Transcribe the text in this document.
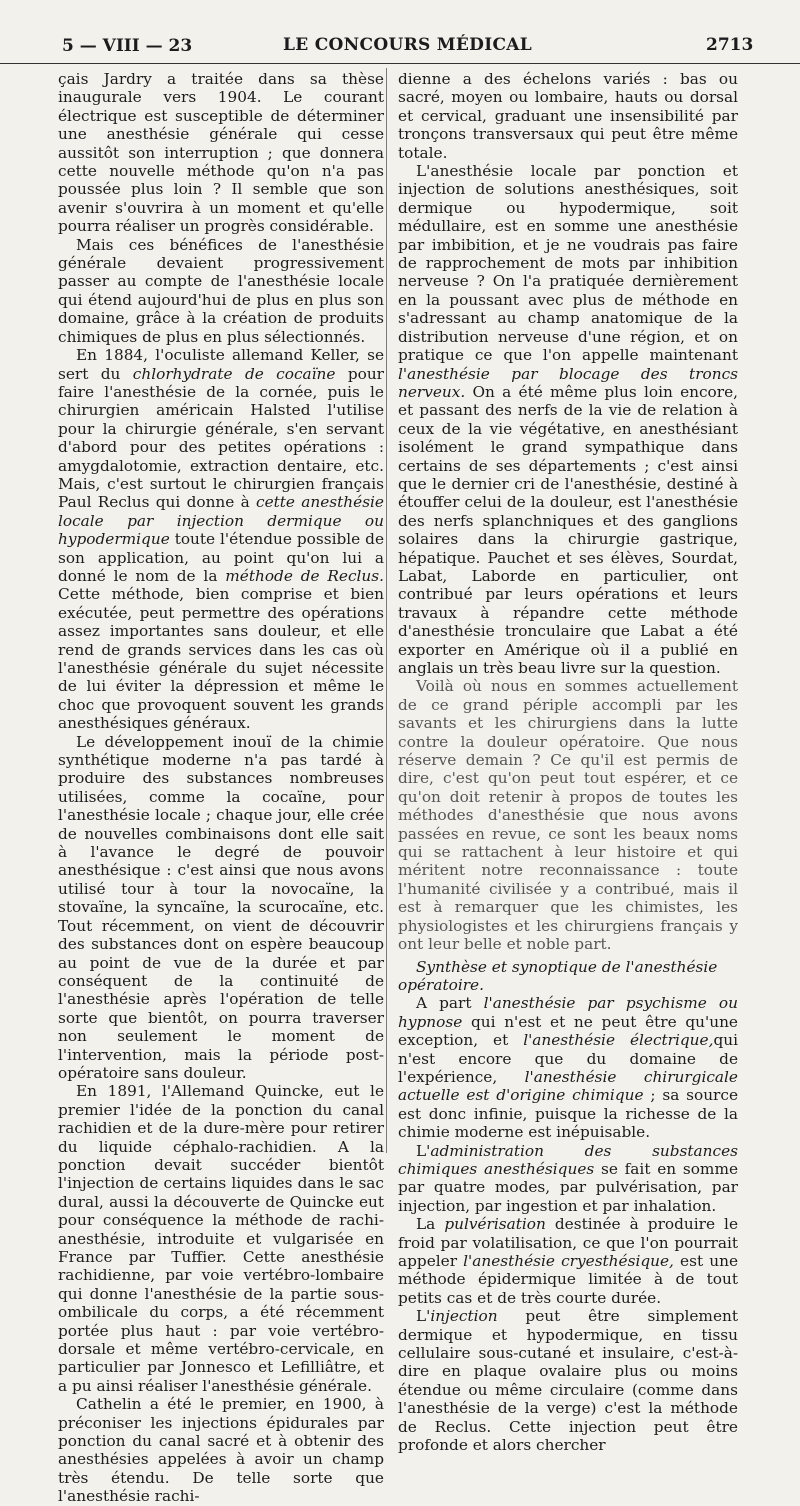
5 — VIII — 23	LE CONCOURS MÉDICAL	2713

çais Jardry a traitée dans sa thèse inaugurale vers 1904. Le courant électrique est susceptible de déterminer une anesthésie générale qui cesse aussitôt son interruption ; que donnera cette nouvelle méthode qu'on n'a pas poussée plus loin ? Il semble que son avenir s'ouvrira à un moment et qu'elle pourra réaliser un progrès considérable.

Mais ces bénéfices de l'anesthésie générale devaient progressivement passer au compte de l'anesthésie locale qui étend aujourd'hui de plus en plus son domaine, grâce à la création de produits chimiques de plus en plus sélectionnés.

En 1884, l'oculiste allemand Keller, se sert du chlorhydrate de cocaïne pour faire l'anesthésie de la cornée, puis le chirurgien américain Halsted l'utilise pour la chirurgie générale, s'en servant d'abord pour des petites opérations : amygdalotomie, extraction dentaire, etc. Mais, c'est surtout le chirurgien français Paul Reclus qui donne à cette anesthésie locale par injection dermique ou hypodermique toute l'étendue possible de son application, au point qu'on lui a donné le nom de la méthode de Reclus. Cette méthode, bien comprise et bien exécutée, peut permettre des opérations assez importantes sans douleur, et elle rend de grands services dans les cas où l'anesthésie générale du sujet nécessite de lui éviter la dépression et même le choc que provoquent souvent les grands anesthésiques généraux.

Le développement inouï de la chimie synthétique moderne n'a pas tardé à produire des substances nombreuses utilisées, comme la cocaïne, pour l'anesthésie locale ; chaque jour, elle crée de nouvelles combinaisons dont elle sait à l'avance le degré de pouvoir anesthésique : c'est ainsi que nous avons utilisé tour à tour la novocaïne, la stovaïne, la syncaïne, la scurocaïne, etc. Tout récemment, on vient de découvrir des substances dont on espère beaucoup au point de vue de la durée et par conséquent de la continuité de l'anesthésie après l'opération de telle sorte que bientôt, on pourra traverser non seulement le moment de l'intervention, mais la période post-opératoire sans douleur.

En 1891, l'Allemand Quincke, eut le premier l'idée de la ponction du canal rachidien et de la dure-mère pour retirer du liquide céphalo-rachidien. A la ponction devait succéder bientôt l'injection de certains liquides dans le sac dural, aussi la découverte de Quincke eut pour conséquence la méthode de rachi-anesthésie, introduite et vulgarisée en France par Tuffier. Cette anesthésie rachidienne, par voie vertébro-lombaire qui donne l'anesthésie de la partie sous-ombilicale du corps, a été récemment portée plus haut : par voie vertébro-dorsale et même vertébro-cervicale, en particulier par Jonnesco et Lefilliâtre, et a pu ainsi réaliser l'anesthésie générale.

Cathelin a été le premier, en 1900, à préconiser les injections épidurales par ponction du canal sacré et à obtenir des anesthésies appelées à avoir un champ très étendu. De telle sorte que l'anesthésie rachi-

dienne a des échelons variés : bas ou sacré, moyen ou lombaire, hauts ou dorsal et cervical, graduant une insensibilité par tronçons transversaux qui peut être même totale.

L'anesthésie locale par ponction et injection de solutions anesthésiques, soit dermique ou hypodermique, soit médullaire, est en somme une anesthésie par imbibition, et je ne voudrais pas faire de rapprochement de mots par inhibition nerveuse ? On l'a pratiquée dernièrement en la poussant avec plus de méthode en s'adressant au champ anatomique de la distribution nerveuse d'une région, et on pratique ce que l'on appelle maintenant l'anesthésie par blocage des troncs nerveux. On a été même plus loin encore, et passant des nerfs de la vie de relation à ceux de la vie végétative, en anesthésiant isolément le grand sympathique dans certains de ses départements ; c'est ainsi que le dernier cri de l'anesthésie, destiné à étouffer celui de la douleur, est l'anesthésie des nerfs splanchniques et des ganglions solaires dans la chirurgie gastrique, hépatique. Pauchet et ses élèves, Sourdat, Labat, Laborde en particulier, ont contribué par leurs opérations et leurs travaux à répandre cette méthode d'anesthésie tronculaire que Labat a été exporter en Amérique où il a publié en anglais un très beau livre sur la question.

Voilà où nous en sommes actuellement de ce grand périple accompli par les savants et les chirurgiens dans la lutte contre la douleur opératoire. Que nous réserve demain ? Ce qu'il est permis de dire, c'est qu'on peut tout espérer, et ce qu'on doit retenir à propos de toutes les méthodes d'anesthésie que nous avons passées en revue, ce sont les beaux noms qui se rattachent à leur histoire et qui méritent notre reconnaissance : toute l'humanité civilisée y a contribué, mais il est à remarquer que les chimistes, les physiologistes et les chirurgiens français y ont leur belle et noble part.

Synthèse et synoptique de l'anesthésie opératoire.

A part l'anesthésie par psychisme ou hypnose qui n'est et ne peut être qu'une exception, et l'anesthésie électrique,qui n'est encore que du domaine de l'expérience, l'anesthésie chirurgicale actuelle est d'origine chimique ; sa source est donc infinie, puisque la richesse de la chimie moderne est inépuisable.

L'administration des substances chimiques anesthésiques se fait en somme par quatre modes, par pulvérisation, par injection, par ingestion et par inhalation.

La pulvérisation destinée à produire le froid par volatilisation, ce que l'on pourrait appeler l'anesthésie cryesthésique, est une méthode épidermique limitée à de tout petits cas et de très courte durée.

L'injection peut être simplement dermique et hypodermique, en tissu cellulaire sous-cutané et insulaire, c'est-à-dire en plaque ovalaire plus ou moins étendue ou même circulaire (comme dans l'anesthésie de la verge) c'est la méthode de Reclus. Cette injection peut être profonde et alors chercher
